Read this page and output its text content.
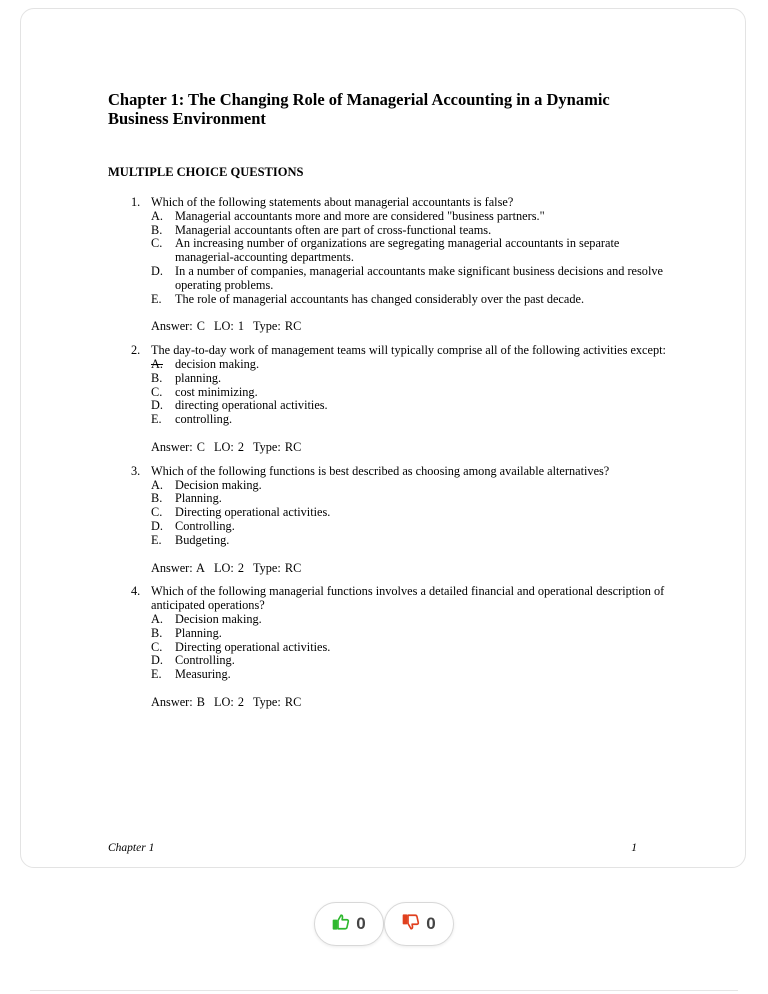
Chapter 1: The Changing Role of Managerial Accounting in a Dynamic
Business Environment
MULTIPLE CHOICE QUESTIONS
1. Which of the following statements about managerial accountants is false?
A. Managerial accountants more and more are considered "business partners."
B. Managerial accountants often are part of cross-functional teams.
C. An increasing number of organizations are segregating managerial accountants in separate managerial-accounting departments.
D. In a number of companies, managerial accountants make significant business decisions and resolve operating problems.
E. The role of managerial accountants has changed considerably over the past decade.
Answer: C LO: 1 Type: RC
2. The day-to-day work of management teams will typically comprise all of the following activities except:
A. decision making.
B. planning.
C. cost minimizing.
D. directing operational activities.
E. controlling.
Answer: C LO: 2 Type: RC
3. Which of the following functions is best described as choosing among available alternatives?
A. Decision making.
B. Planning.
C. Directing operational activities.
D. Controlling.
E. Budgeting.
Answer: A LO: 2 Type: RC
4. Which of the following managerial functions involves a detailed financial and operational description of anticipated operations?
A. Decision making.
B. Planning.
C. Directing operational activities.
D. Controlling.
E. Measuring.
Answer: B LO: 2 Type: RC
Chapter 1	1
0	0
